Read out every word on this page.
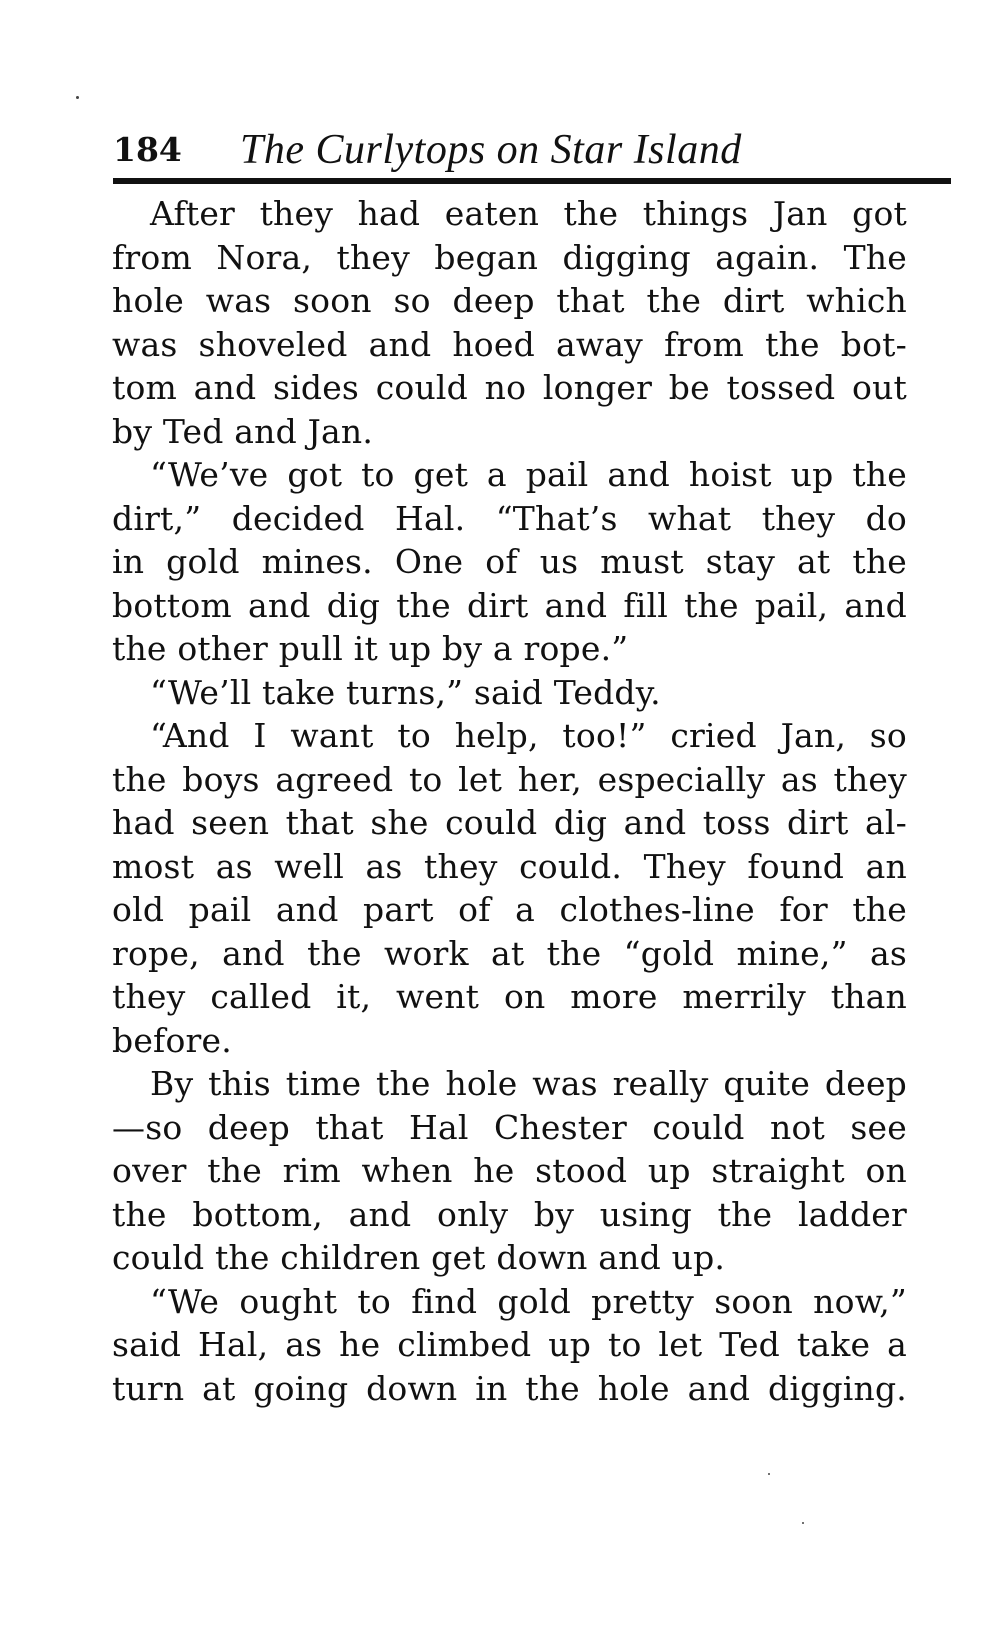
184 The Curlytops on Star Island
After they had eaten the things Jan got
from Nora, they began digging again. The
hole was soon so deep that the dirt which
was shoveled and hoed away from the bot-
tom and sides could no longer be tossed out
by Ted and Jan.
“We’ve got to get a pail and hoist up the
dirt,” decided Hal. “That’s what they do
in gold mines. One of us must stay at the
bottom and dig the dirt and fill the pail, and
the other pull it up by a rope.”
“We’ll take turns,” said Teddy.
“And I want to help, too!” cried Jan, so
the boys agreed to let her, especially as they
had seen that she could dig and toss dirt al-
most as well as they could. They found an
old pail and part of a clothes-line for the
rope, and the work at the “gold mine,” as
they called it, went on more merrily than
before.
By this time the hole was really quite deep
—so deep that Hal Chester could not see
over the rim when he stood up straight on
the bottom, and only by using the ladder
could the children get down and up.
“We ought to find gold pretty soon now,”
said Hal, as he climbed up to let Ted take a
turn at going down in the hole and digging.
